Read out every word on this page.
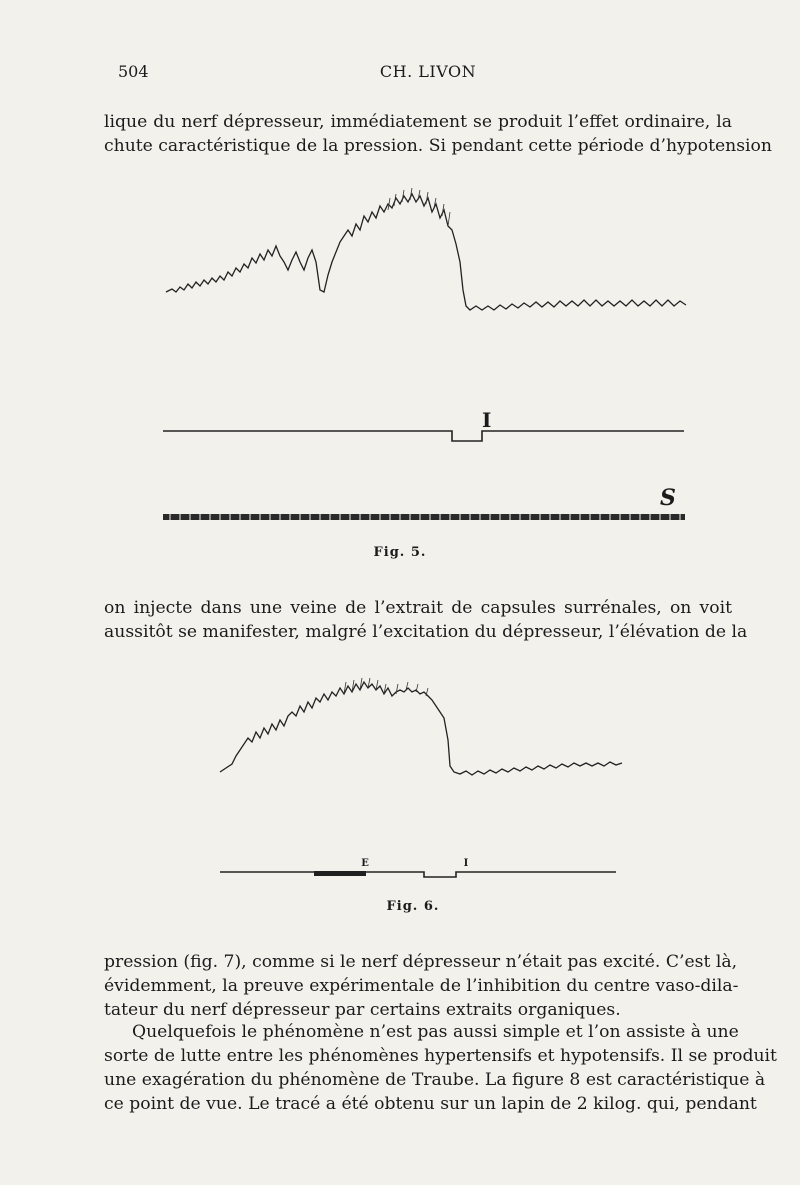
504	CH. LIVON
lique du nerf dépresseur, immédiatement se produit l’effet ordinaire, la
chute caractéristique de la pression. Si pendant cette période d’hypotension
I
S
Fig. 5.
on injecte dans une veine de l’extrait de capsules surrénales, on voit
aussitôt se manifester, malgré l’excitation du dépresseur, l’élévation de la
E	I
Fig. 6.
pression (fig. 7), comme si le nerf dépresseur n’était pas excité. C’est là,
évidemment, la preuve expérimentale de l’inhibition du centre vaso-dila-
tateur du nerf dépresseur par certains extraits organiques.
Quelquefois le phénomène n’est pas aussi simple et l’on assiste à une
sorte de lutte entre les phénomènes hypertensifs et hypotensifs. Il se produit
une exagération du phénomène de Traube. La figure 8 est caractéristique à
ce point de vue. Le tracé a été obtenu sur un lapin de 2 kilog. qui, pendant
